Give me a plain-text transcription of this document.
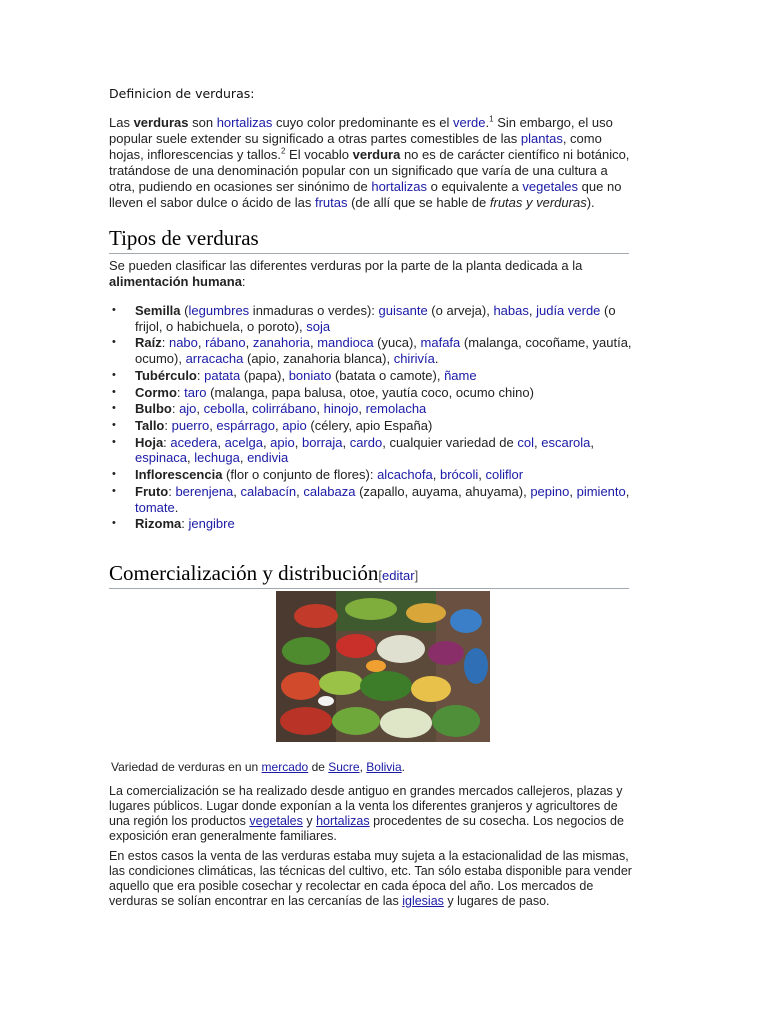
Definicion de verduras:

Las verduras son hortalizas cuyo color predominante es el verde.$^1$ Sin embargo, el uso popular suele extender su significado a otras partes comestibles de las plantas, como hojas, inflorescencias y tallos.$^2$ El vocablo verdura no es de carácter científico ni botánico, tratándose de una denominación popular con un significado que varía de una cultura a otra, pudiendo en ocasiones ser sinónimo de hortalizas o equivalente a vegetales que no lleven el sabor dulce o ácido de las frutas (de allí que se hable de frutas y verduras).

Tipos de verduras

Se pueden clasificar las diferentes verduras por la parte de la planta dedicada a la alimentación humana:

• Semilla (legumbres inmaduras o verdes): guisante (o arveja), habas, judía verde (o frijol, o habichuela, o poroto), soja
• Raíz: nabo, rábano, zanahoria, mandioca (yuca), mafafa (malanga, cocoñame, yautía, ocumo), arracacha (apio, zanahoria blanca), chirivía.
• Tubérculo: patata (papa), boniato (batata o camote), ñame
• Cormo: taro (malanga, papa balusa, otoe, yautía coco, ocumo chino)
• Bulbo: ajo, cebolla, colirrábano, hinojo, remolacha
• Tallo: puerro, espárrago, apio (célery, apio España)
• Hoja: acedera, acelga, apio, borraja, cardo, cualquier variedad de col, escarola, espinaca, lechuga, endivia
• Inflorescencia (flor o conjunto de flores): alcachofa, brócoli, coliflor
• Fruto: berenjena, calabacín, calabaza (zapallo, auyama, ahuyama), pepino, pimiento, tomate.
• Rizoma: jengibre
Comercialización y distribución[editar]
Variedad de verduras en un mercado de Sucre, Bolivia.

La comercialización se ha realizado desde antiguo en grandes mercados callejeros, plazas y lugares públicos. Lugar donde exponían a la venta los diferentes granjeros y agricultores de una región los productos vegetales y hortalizas procedentes de su cosecha. Los negocios de exposición eran generalmente familiares.

En estos casos la venta de las verduras estaba muy sujeta a la estacionalidad de las mismas, las condiciones climáticas, las técnicas del cultivo, etc. Tan sólo estaba disponible para vender aquello que era posible cosechar y recolectar en cada época del año. Los mercados de verduras se solían encontrar en las cercanías de las iglesias y lugares de paso.
